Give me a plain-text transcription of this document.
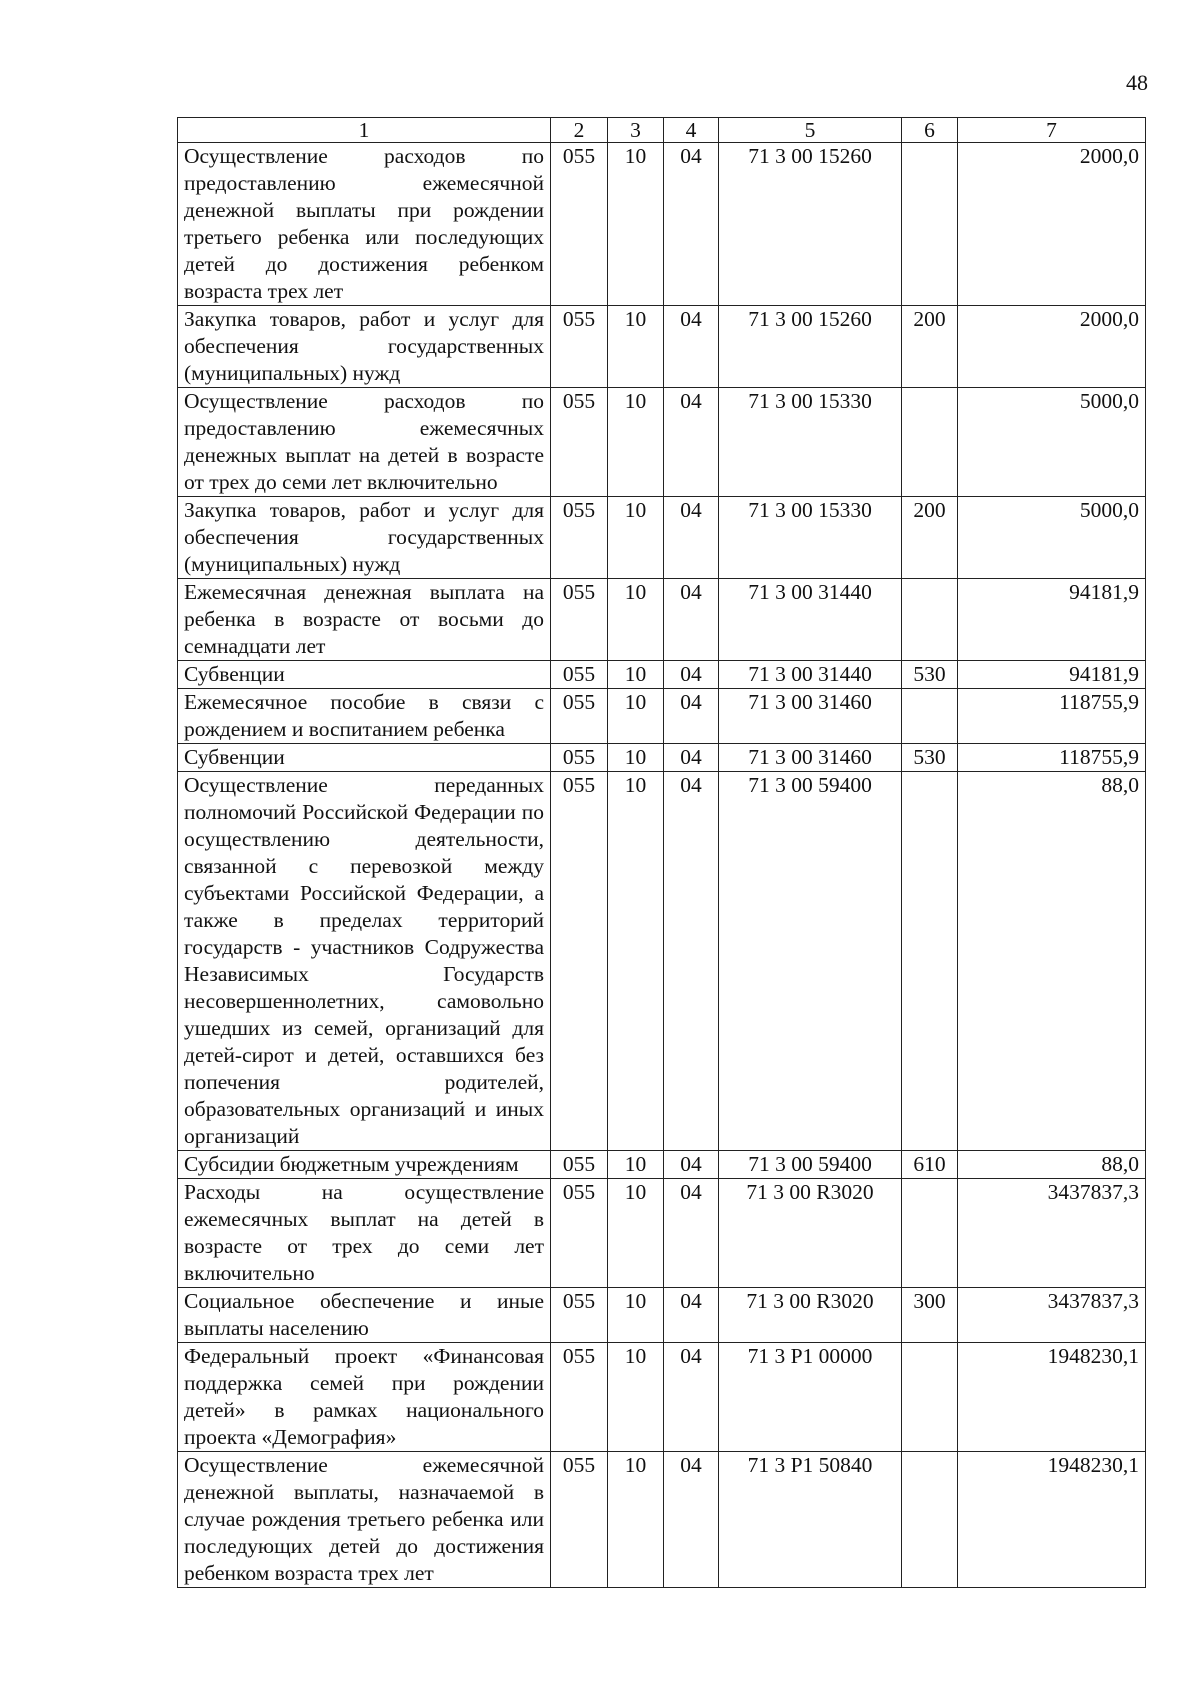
48
1	2	3	4	5	6	7
Осуществление расходов по предоставлению ежемесячной денежной выплаты при рождении третьего ребенка или последующих детей до достижения ребенком возраста трех лет	055	10	04	71 3 00 15260		2000,0
Закупка товаров, работ и услуг для обеспечения государственных (муниципальных) нужд	055	10	04	71 3 00 15260	200	2000,0
Осуществление расходов по предоставлению ежемесячных денежных выплат на детей в возрасте от трех до семи лет включительно	055	10	04	71 3 00 15330		5000,0
Закупка товаров, работ и услуг для обеспечения государственных (муниципальных) нужд	055	10	04	71 3 00 15330	200	5000,0
Ежемесячная денежная выплата на ребенка в возрасте от восьми до семнадцати лет	055	10	04	71 3 00 31440		94181,9
Субвенции	055	10	04	71 3 00 31440	530	94181,9
Ежемесячное пособие в связи с рождением и воспитанием ребенка	055	10	04	71 3 00 31460		118755,9
Субвенции	055	10	04	71 3 00 31460	530	118755,9
Осуществление переданных полномочий Российской Федерации по осуществлению деятельности, связанной с перевозкой между субъектами Российской Федерации, а также в пределах территорий государств - участников Содружества Независимых Государств несовершеннолетних, самовольно ушедших из семей, организаций для детей-сирот и детей, оставшихся без попечения родителей, образовательных организаций и иных организаций	055	10	04	71 3 00 59400		88,0
Субсидии бюджетным учреждениям	055	10	04	71 3 00 59400	610	88,0
Расходы на осуществление ежемесячных выплат на детей в возрасте от трех до семи лет включительно	055	10	04	71 3 00 R3020		3437837,3
Социальное обеспечение и иные выплаты населению	055	10	04	71 3 00 R3020	300	3437837,3
Федеральный проект «Финансовая поддержка семей при рождении детей» в рамках национального проекта «Демография»	055	10	04	71 3 P1 00000		1948230,1
Осуществление ежемесячной денежной выплаты, назначаемой в случае рождения третьего ребенка или последующих детей до достижения ребенком возраста трех лет	055	10	04	71 3 P1 50840		1948230,1
